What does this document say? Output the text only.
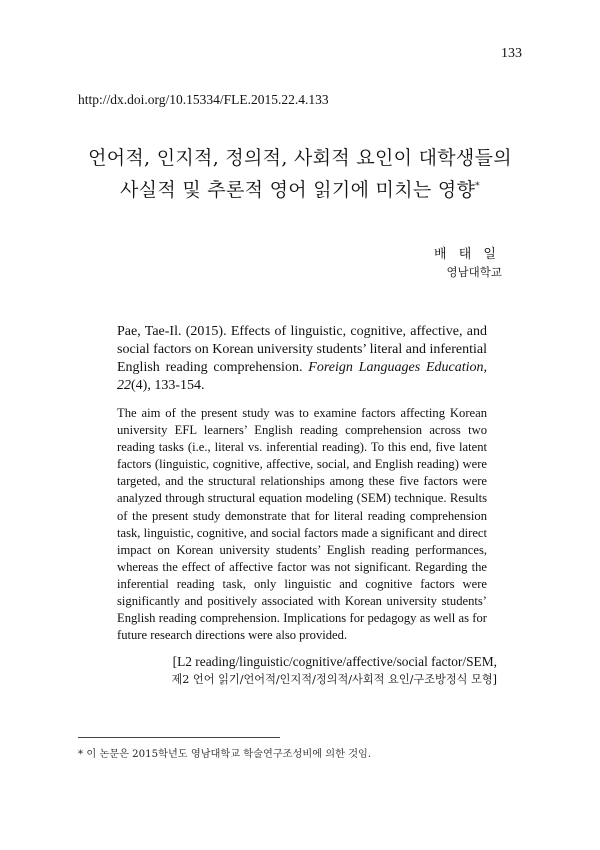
133
http://dx.doi.org/10.15334/FLE.2015.22.4.133
언어적, 인지적, 정의적, 사회적 요인이 대학생들의
사실적 및 추론적 영어 읽기에 미치는 영향*
배 태 일
영남대학교
Pae, Tae-Il. (2015). Effects of linguistic, cognitive, affective, and social factors on Korean university students’ literal and inferential English reading comprehension. Foreign Languages Education, 22(4), 133-154.

The aim of the present study was to examine factors affecting Korean university EFL learners’ English reading comprehension across two reading tasks (i.e., literal vs. inferential reading). To this end, five latent factors (linguistic, cognitive, affective, social, and English reading) were targeted, and the structural relationships among these five factors were analyzed through structural equation modeling (SEM) technique. Results of the present study demonstrate that for literal reading comprehension task, linguistic, cognitive, and social factors made a significant and direct impact on Korean university students’ English reading performances, whereas the effect of affective factor was not significant. Regarding the inferential reading task, only linguistic and cognitive factors were significantly and positively associated with Korean university students’ English reading comprehension. Implications for pedagogy as well as for future research directions were also provided.

[L2 reading/linguistic/cognitive/affective/social factor/SEM,
제2 언어 읽기/언어적/인지적/정의적/사회적 요인/구조방정식 모형]
* 이 논문은 2015학년도 영남대학교 학술연구조성비에 의한 것임.
